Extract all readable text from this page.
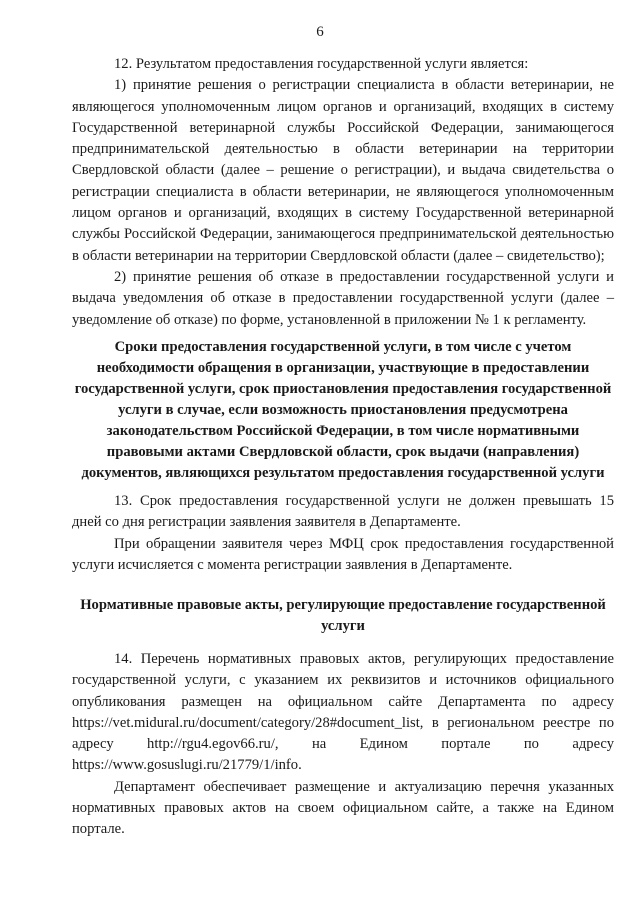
6

12. Результатом предоставления государственной услуги является:

1) принятие решения о регистрации специалиста в области ветеринарии, не являющегося уполномоченным лицом органов и организаций, входящих в систему Государственной ветеринарной службы Российской Федерации, занимающегося предпринимательской деятельностью в области ветеринарии на территории Свердловской области (далее – решение о регистрации), и выдача свидетельства о регистрации специалиста в области ветеринарии, не являющегося уполномоченным лицом органов и организаций, входящих в систему Государственной ветеринарной службы Российской Федерации, занимающегося предпринимательской деятельностью в области ветеринарии на территории Свердловской области (далее – свидетельство);

2) принятие решения об отказе в предоставлении государственной услуги и выдача уведомления об отказе в предоставлении государственной услуги (далее – уведомление об отказе) по форме, установленной в приложении № 1 к регламенту.

Сроки предоставления государственной услуги, в том числе с учетом необходимости обращения в организации, участвующие в предоставлении государственной услуги, срок приостановления предоставления государственной услуги в случае, если возможность приостановления предусмотрена законодательством Российской Федерации, в том числе нормативными правовыми актами Свердловской области, срок выдачи (направления) документов, являющихся результатом предоставления государственной услуги

13. Срок предоставления государственной услуги не должен превышать 15 дней со дня регистрации заявления заявителя в Департаменте.

При обращении заявителя через МФЦ срок предоставления государственной услуги исчисляется с момента регистрации заявления в Департаменте.

Нормативные правовые акты, регулирующие предоставление государственной услуги

14. Перечень нормативных правовых актов, регулирующих предоставление государственной услуги, с указанием их реквизитов и источников официального опубликования размещен на официальном сайте Департамента по адресу https://vet.midural.ru/document/category/28#document_list, в региональном реестре по адресу http://rgu4.egov66.ru/, на Едином портале по адресу https://www.gosuslugi.ru/21779/1/info.

Департамент обеспечивает размещение и актуализацию перечня указанных нормативных правовых актов на своем официальном сайте, а также на Едином портале.
